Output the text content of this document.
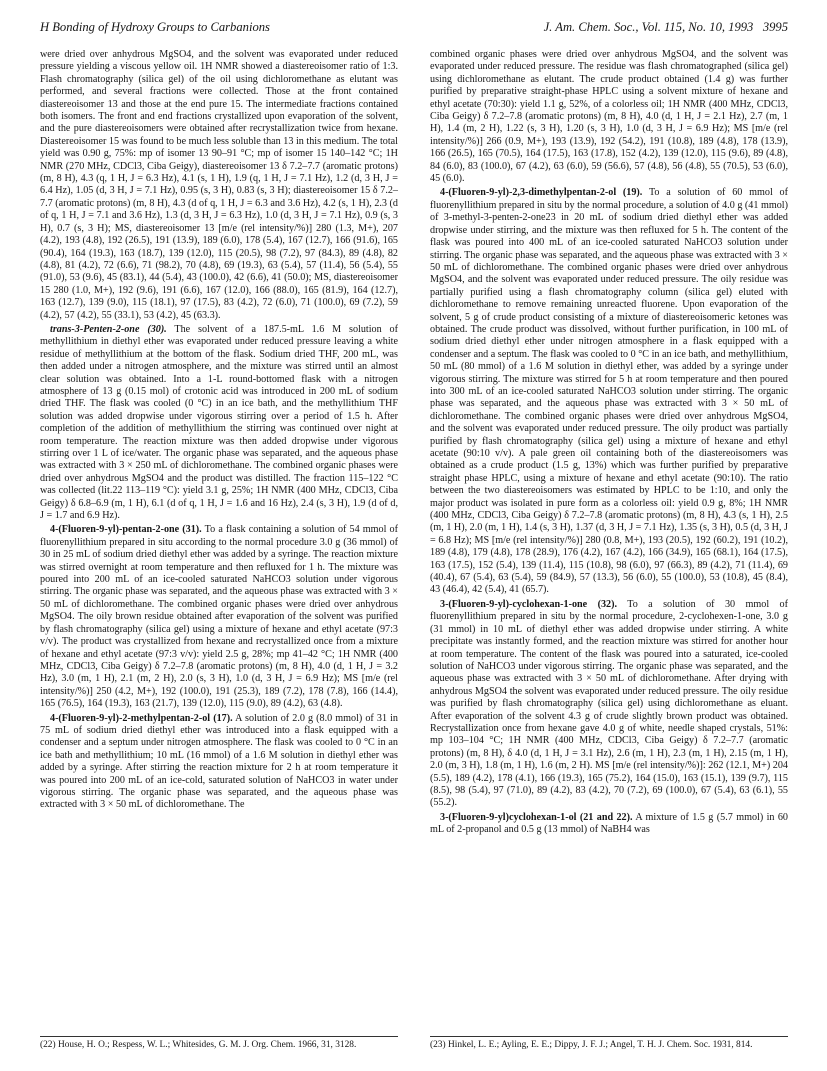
H Bonding of Hydroxy Groups to Carbanions	J. Am. Chem. Soc., Vol. 115, No. 10, 1993 3995

were dried over anhydrous MgSO4, and the solvent was evaporated under reduced pressure yielding a viscous yellow oil. 1H NMR showed a diastereoisomer ratio of 1:3. Flash chromatography (silica gel) of the oil using dichloromethane as elutant was performed, and several fractions were collected. Those at the front contained diastereoisomer 13 and those at the end pure 15. The intermediate fractions contained both isomers. The front and end fractions crystallized upon evaporation of the solvent, and the pure diastereoisomers were obtained after recrystallization twice from hexane. Diastereoisomer 15 was found to be much less soluble than 13 in this medium. The total yield was 0.90 g, 75%: mp of isomer 13 90–91 °C; mp of isomer 15 140–142 °C; 1H NMR (270 MHz, CDCl3, Ciba Geigy), diastereoisomer 13 δ 7.2–7.7 (aromatic protons) (m, 8 H), 4.3 (q, 1 H, J = 6.3 Hz), 4.1 (s, 1 H), 1.9 (q, 1 H, J = 7.1 Hz), 1.2 (d, 3 H, J = 6.4 Hz), 1.05 (d, 3 H, J = 7.1 Hz), 0.95 (s, 3 H), 0.83 (s, 3 H); diastereoisomer 15 δ 7.2–7.7 (aromatic protons) (m, 8 H), 4.3 (d of q, 1 H, J = 6.3 and 3.6 Hz), 4.2 (s, 1 H), 2.3 (d of q, 1 H, J = 7.1 and 3.6 Hz), 1.3 (d, 3 H, J = 6.3 Hz), 1.0 (d, 3 H, J = 7.1 Hz), 0.9 (s, 3 H), 0.7 (s, 3 H); MS, diastereoisomer 13 [m/e (rel intensity/%)] 280 (1.3, M+), 207 (4.2), 193 (4.8), 192 (26.5), 191 (13.9), 189 (6.0), 178 (5.4), 167 (12.7), 166 (91.6), 165 (90.4), 164 (19.3), 163 (18.7), 139 (12.0), 115 (20.5), 98 (7.2), 97 (84.3), 89 (4.8), 82 (4.8), 81 (4.2), 72 (6.6), 71 (98.2), 70 (4.8), 69 (19.3), 63 (5.4), 57 (11.4), 56 (5.4), 55 (91.0), 53 (9.6), 45 (83.1), 44 (5.4), 43 (100.0), 42 (6.6), 41 (50.0); MS, diastereoisomer 15 280 (1.0, M+), 192 (9.6), 191 (6.6), 167 (12.0), 166 (88.0), 165 (81.9), 164 (12.7), 163 (12.7), 139 (9.0), 115 (18.1), 97 (17.5), 83 (4.2), 72 (6.0), 71 (100.0), 69 (7.2), 59 (4.2), 57 (4.2), 55 (33.1), 53 (4.2), 45 (63.3).

trans-3-Penten-2-one (30). The solvent of a 187.5-mL 1.6 M solution of methyllithium in diethyl ether was evaporated under reduced pressure leaving a white residue of methyllithium at the bottom of the flask. Sodium dried THF, 200 mL, was then added under a nitrogen atmosphere, and the mixture was stirred until an almost clear solution was obtained. Into a 1-L round-bottomed flask with a nitrogen atmosphere of 13 g (0.15 mol) of crotonic acid was introduced in 200 mL of sodium dried THF. The flask was cooled (0 °C) in an ice bath, and the methyllithium THF solution was added dropwise under vigorous stirring over a period of 1.5 h. After completion of the addition of methyllithium the stirring was continued over night at room temperature. The reaction mixture was then added dropwise under vigorous stirring over 1 L of ice/water. The organic phase was separated, and the aqueous phase was extracted with 3 × 250 mL of dichloromethane. The combined organic phases were dried over anhydrous MgSO4 and the product was distilled. The fraction 115–122 °C was collected (lit.22 113–119 °C): yield 3.1 g, 25%; 1H NMR (400 MHz, CDCl3, Ciba Geigy) δ 6.8–6.9 (m, 1 H), 6.1 (d of q, 1 H, J = 1.6 and 16 Hz), 2.4 (s, 3 H), 1.9 (d of d, J = 1.7 and 6.9 Hz).

4-(Fluoren-9-yl)-pentan-2-one (31). To a flask containing a solution of 54 mmol of fluorenyllithium prepared in situ according to the normal procedure 3.0 g (36 mmol) of 30 in 25 mL of sodium dried diethyl ether was added by a syringe. The reaction mixture was stirred overnight at room temperature and then refluxed for 1 h. The mixture was poured into 200 mL of an ice-cooled saturated NaHCO3 solution under vigorous stirring. The organic phase was separated, and the aqueous phase was extracted with 3 × 50 mL of dichloromethane. The combined organic phases were dried over anhydrous MgSO4. The oily brown residue obtained after evaporation of the solvent was purified by flash chromatography (silica gel) using a mixture of hexane and ethyl acetate (97:3 v/v). The product was crystallized from hexane and recrystallized once from a mixture of hexane and ethyl acetate (97:3 v/v): yield 2.5 g, 28%; mp 41–42 °C; 1H NMR (400 MHz, CDCl3, Ciba Geigy) δ 7.2–7.8 (aromatic protons) (m, 8 H), 4.0 (d, 1 H, J = 3.2 Hz), 3.0 (m, 1 H), 2.1 (m, 2 H), 2.0 (s, 3 H), 1.0 (d, 3 H, J = 6.9 Hz); MS [m/e (rel intensity/%)] 250 (4.2, M+), 192 (100.0), 191 (25.3), 189 (7.2), 178 (7.8), 166 (14.4), 165 (76.5), 164 (19.3), 163 (21.7), 139 (12.0), 115 (9.0), 89 (4.2), 63 (4.8).

4-(Fluoren-9-yl)-2-methylpentan-2-ol (17). A solution of 2.0 g (8.0 mmol) of 31 in 75 mL of sodium dried diethyl ether was introduced into a flask equipped with a condenser and a septum under nitrogen atmosphere. The flask was cooled to 0 °C in an ice bath and methyllithium; 10 mL (16 mmol) of a 1.6 M solution in diethyl ether was added by a syringe. After stirring the reaction mixture for 2 h at room temperature it was poured into 200 mL of an ice-cold, saturated solution of NaHCO3 in water under vigorous stirring. The organic phase was separated, and the aqueous phase was extracted with 3 × 50 mL of dichloromethane. The

combined organic phases were dried over anhydrous MgSO4, and the solvent was evaporated under reduced pressure. The residue was flash chromatographed (silica gel) using dichloromethane as elutant. The crude product obtained (1.4 g) was further purified by preparative straight-phase HPLC using a solvent mixture of hexane and ethyl acetate (70:30): yield 1.1 g, 52%, of a colorless oil; 1H NMR (400 MHz, CDCl3, Ciba Geigy) δ 7.2–7.8 (aromatic protons) (m, 8 H), 4.0 (d, 1 H, J = 2.1 Hz), 2.7 (m, 1 H), 1.4 (m, 2 H), 1.22 (s, 3 H), 1.20 (s, 3 H), 1.0 (d, 3 H, J = 6.9 Hz); MS [m/e (rel intensity/%)] 266 (0.9, M+), 193 (13.9), 192 (54.2), 191 (10.8), 189 (4.8), 178 (13.9), 166 (26.5), 165 (70.5), 164 (17.5), 163 (17.8), 152 (4.2), 139 (12.0), 115 (9.6), 89 (4.8), 84 (6.0), 83 (100.0), 67 (4.2), 63 (6.0), 59 (56.6), 57 (4.8), 56 (4.8), 55 (70.5), 53 (6.0), 45 (6.0).

4-(Fluoren-9-yl)-2,3-dimethylpentan-2-ol (19). To a solution of 60 mmol of fluorenyllithium prepared in situ by the normal procedure, a solution of 4.0 g (41 mmol) of 3-methyl-3-penten-2-one23 in 20 mL of sodium dried diethyl ether was added dropwise under stirring, and the mixture was then refluxed for 5 h. The content of the flask was poured into 400 mL of an ice-cooled saturated NaHCO3 solution under stirring. The organic phase was separated, and the aqueous phase was extracted with 3 × 50 mL of dichloromethane. The combined organic phases were dried over anhydrous MgSO4, and the solvent was evaporated under reduced pressure. The oily residue was partially purified using a flash chromatography column (silica gel) eluted with dichloromethane to remove remaining unreacted fluorene. Upon evaporation of the solvent, 5 g of crude product consisting of a mixture of diastereoisomeric ketones was obtained. The crude product was dissolved, without further purification, in 100 mL of sodium dried diethyl ether under nitrogen atmosphere in a flask equipped with a condenser and a septum. The flask was cooled to 0 °C in an ice bath, and methyllithium, 50 mL (80 mmol) of a 1.6 M solution in diethyl ether, was added by a syringe under vigorous stirring. The mixture was stirred for 5 h at room temperature and then poured into 300 mL of an ice-cooled saturated NaHCO3 solution under stirring. The organic phase was separated, and the aqueous phase was extracted with 3 × 50 mL of dichloromethane. The combined organic phases were dried over anhydrous MgSO4, and the solvent was evaporated under reduced pressure. The oily product was partially purified by flash chromatography (silica gel) using a mixture of hexane and ethyl acetate (90:10 v/v). A pale green oil containing both of the diastereoisomers was obtained as a crude product (1.5 g, 13%) which was further purified by preparative straight phase HPLC, using a mixture of hexane and ethyl acetate (90:10). The ratio between the two diastereoisomers was estimated by HPLC to be 1:10, and only the major product was isolated in pure form as a colorless oil: yield 0.9 g, 8%; 1H NMR (400 MHz, CDCl3, Ciba Geigy) δ 7.2–7.8 (aromatic protons) (m, 8 H), 4.3 (s, 1 H), 2.5 (m, 1 H), 2.0 (m, 1 H), 1.4 (s, 3 H), 1.37 (d, 3 H, J = 7.1 Hz), 1.35 (s, 3 H), 0.5 (d, 3 H, J = 6.8 Hz); MS [m/e (rel intensity/%)] 280 (0.8, M+), 193 (20.5), 192 (60.2), 191 (10.2), 189 (4.8), 179 (4.8), 178 (28.9), 176 (4.2), 167 (4.2), 166 (34.9), 165 (68.1), 164 (17.5), 163 (17.5), 152 (5.4), 139 (11.4), 115 (10.8), 98 (6.0), 97 (66.3), 89 (4.2), 71 (11.4), 69 (40.4), 67 (5.4), 63 (5.4), 59 (84.9), 57 (13.3), 56 (6.0), 55 (100.0), 53 (10.8), 45 (8.4), 43 (46.4), 42 (5.4), 41 (65.7).

3-(Fluoren-9-yl)-cyclohexan-1-one (32). To a solution of 30 mmol of fluorenyllithium prepared in situ by the normal procedure, 2-cyclohexen-1-one, 3.0 g (31 mmol) in 10 mL of diethyl ether was added dropwise under stirring. A white precipitate was instantly formed, and the reaction mixture was stirred for another hour at room temperature. The content of the flask was poured into a saturated, ice-cooled solution of NaHCO3 under vigorous stirring. The organic phase was separated, and the aqueous phase was extracted with 3 × 50 mL of dichloromethane. After drying with anhydrous MgSO4 the solvent was evaporated under reduced pressure. The oily residue was purified by flash chromatography (silica gel) using dichloromethane as eluant. After evaporation of the solvent 4.3 g of crude slightly brown product was obtained. Recrystallization once from hexane gave 4.0 g of white, needle shaped crystals, 51%: mp 103–104 °C; 1H NMR (400 MHz, CDCl3, Ciba Geigy) δ 7.2–7.7 (aromatic protons) (m, 8 H), δ 4.0 (d, 1 H, J = 3.1 Hz), 2.6 (m, 1 H), 2.3 (m, 1 H), 2.15 (m, 1 H), 2.0 (m, 3 H), 1.8 (m, 1 H), 1.6 (m, 2 H). MS [m/e (rel intensity/%)]: 262 (12.1, M+) 204 (5.5), 189 (4.2), 178 (4.1), 166 (19.3), 165 (75.2), 164 (15.0), 163 (15.1), 139 (9.7), 115 (8.5), 98 (5.4), 97 (71.0), 89 (4.2), 83 (4.2), 70 (7.2), 69 (100.0), 67 (5.4), 63 (6.1), 55 (55.2).

3-(Fluoren-9-yl)cyclohexan-1-ol (21 and 22). A mixture of 1.5 g (5.7 mmol) in 60 mL of 2-propanol and 0.5 g (13 mmol) of NaBH4 was

(22) House, H. O.; Respess, W. L.; Whitesides, G. M. J. Org. Chem. 1966, 31, 3128.	(23) Hinkel, L. E.; Ayling, E. E.; Dippy, J. F. J.; Angel, T. H. J. Chem. Soc. 1931, 814.
